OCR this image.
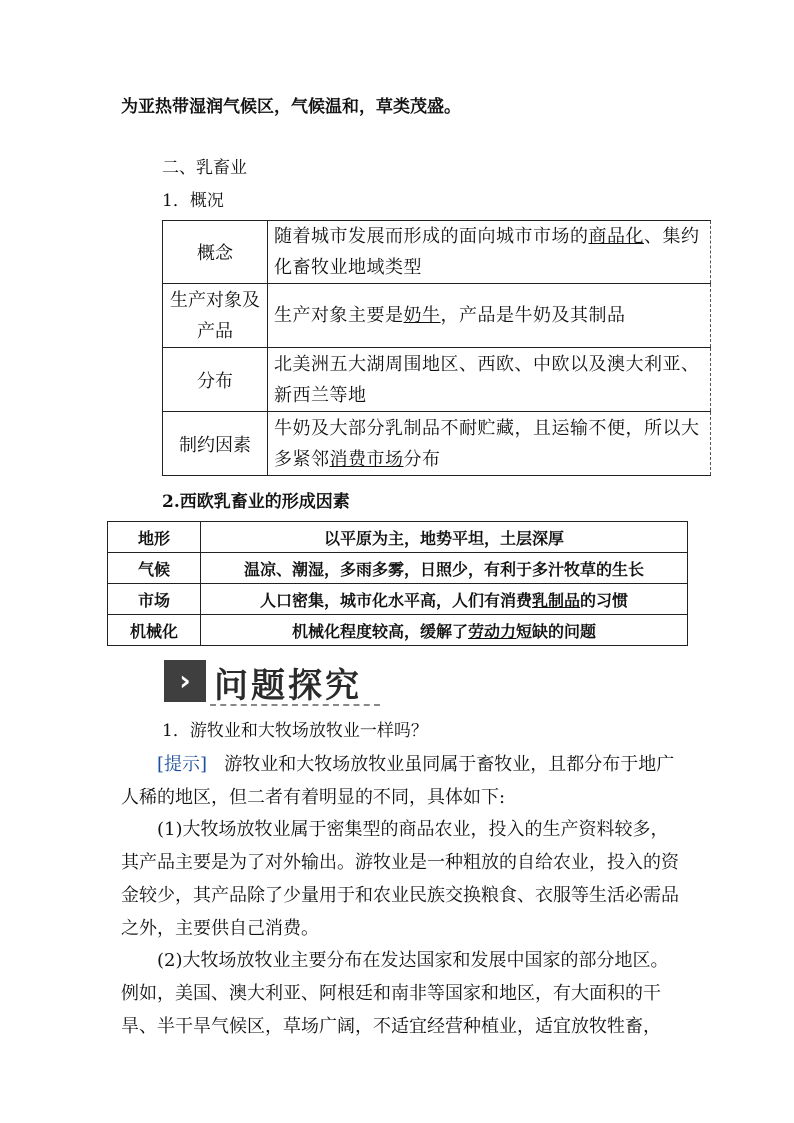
为亚热带湿润气候区，气候温和，草类茂盛。

二、乳畜业

1．概况

概念	随着城市发展而形成的面向城市市场的商品化、集约化畜牧业地域类型
生产对象及产品	生产对象主要是奶牛，产品是牛奶及其制品
分布	北美洲五大湖周围地区、西欧、中欧以及澳大利亚、新西兰等地
制约因素	牛奶及大部分乳制品不耐贮藏，且运输不便，所以大多紧邻消费市场分布

2.西欧乳畜业的形成因素

地形	以平原为主，地势平坦，土层深厚
气候	温凉、潮湿，多雨多雾，日照少，有利于多汁牧草的生长
市场	人口密集，城市化水平高，人们有消费乳制品的习惯
机械化	机械化程度较高，缓解了劳动力短缺的问题
› 问题探究

1．游牧业和大牧场放牧业一样吗？

[提示] 游牧业和大牧场放牧业虽同属于畜牧业，且都分布于地广人稀的地区，但二者有着明显的不同，具体如下:

(1)大牧场放牧业属于密集型的商品农业，投入的生产资料较多，其产品主要是为了对外输出。游牧业是一种粗放的自给农业，投入的资金较少，其产品除了少量用于和农业民族交换粮食、衣服等生活必需品之外，主要供自己消费。

(2)大牧场放牧业主要分布在发达国家和发展中国家的部分地区。例如，美国、澳大利亚、阿根廷和南非等国家和地区，有大面积的干旱、半干旱气候区，草场广阔，不适宜经营种植业，适宜放牧牲畜，
